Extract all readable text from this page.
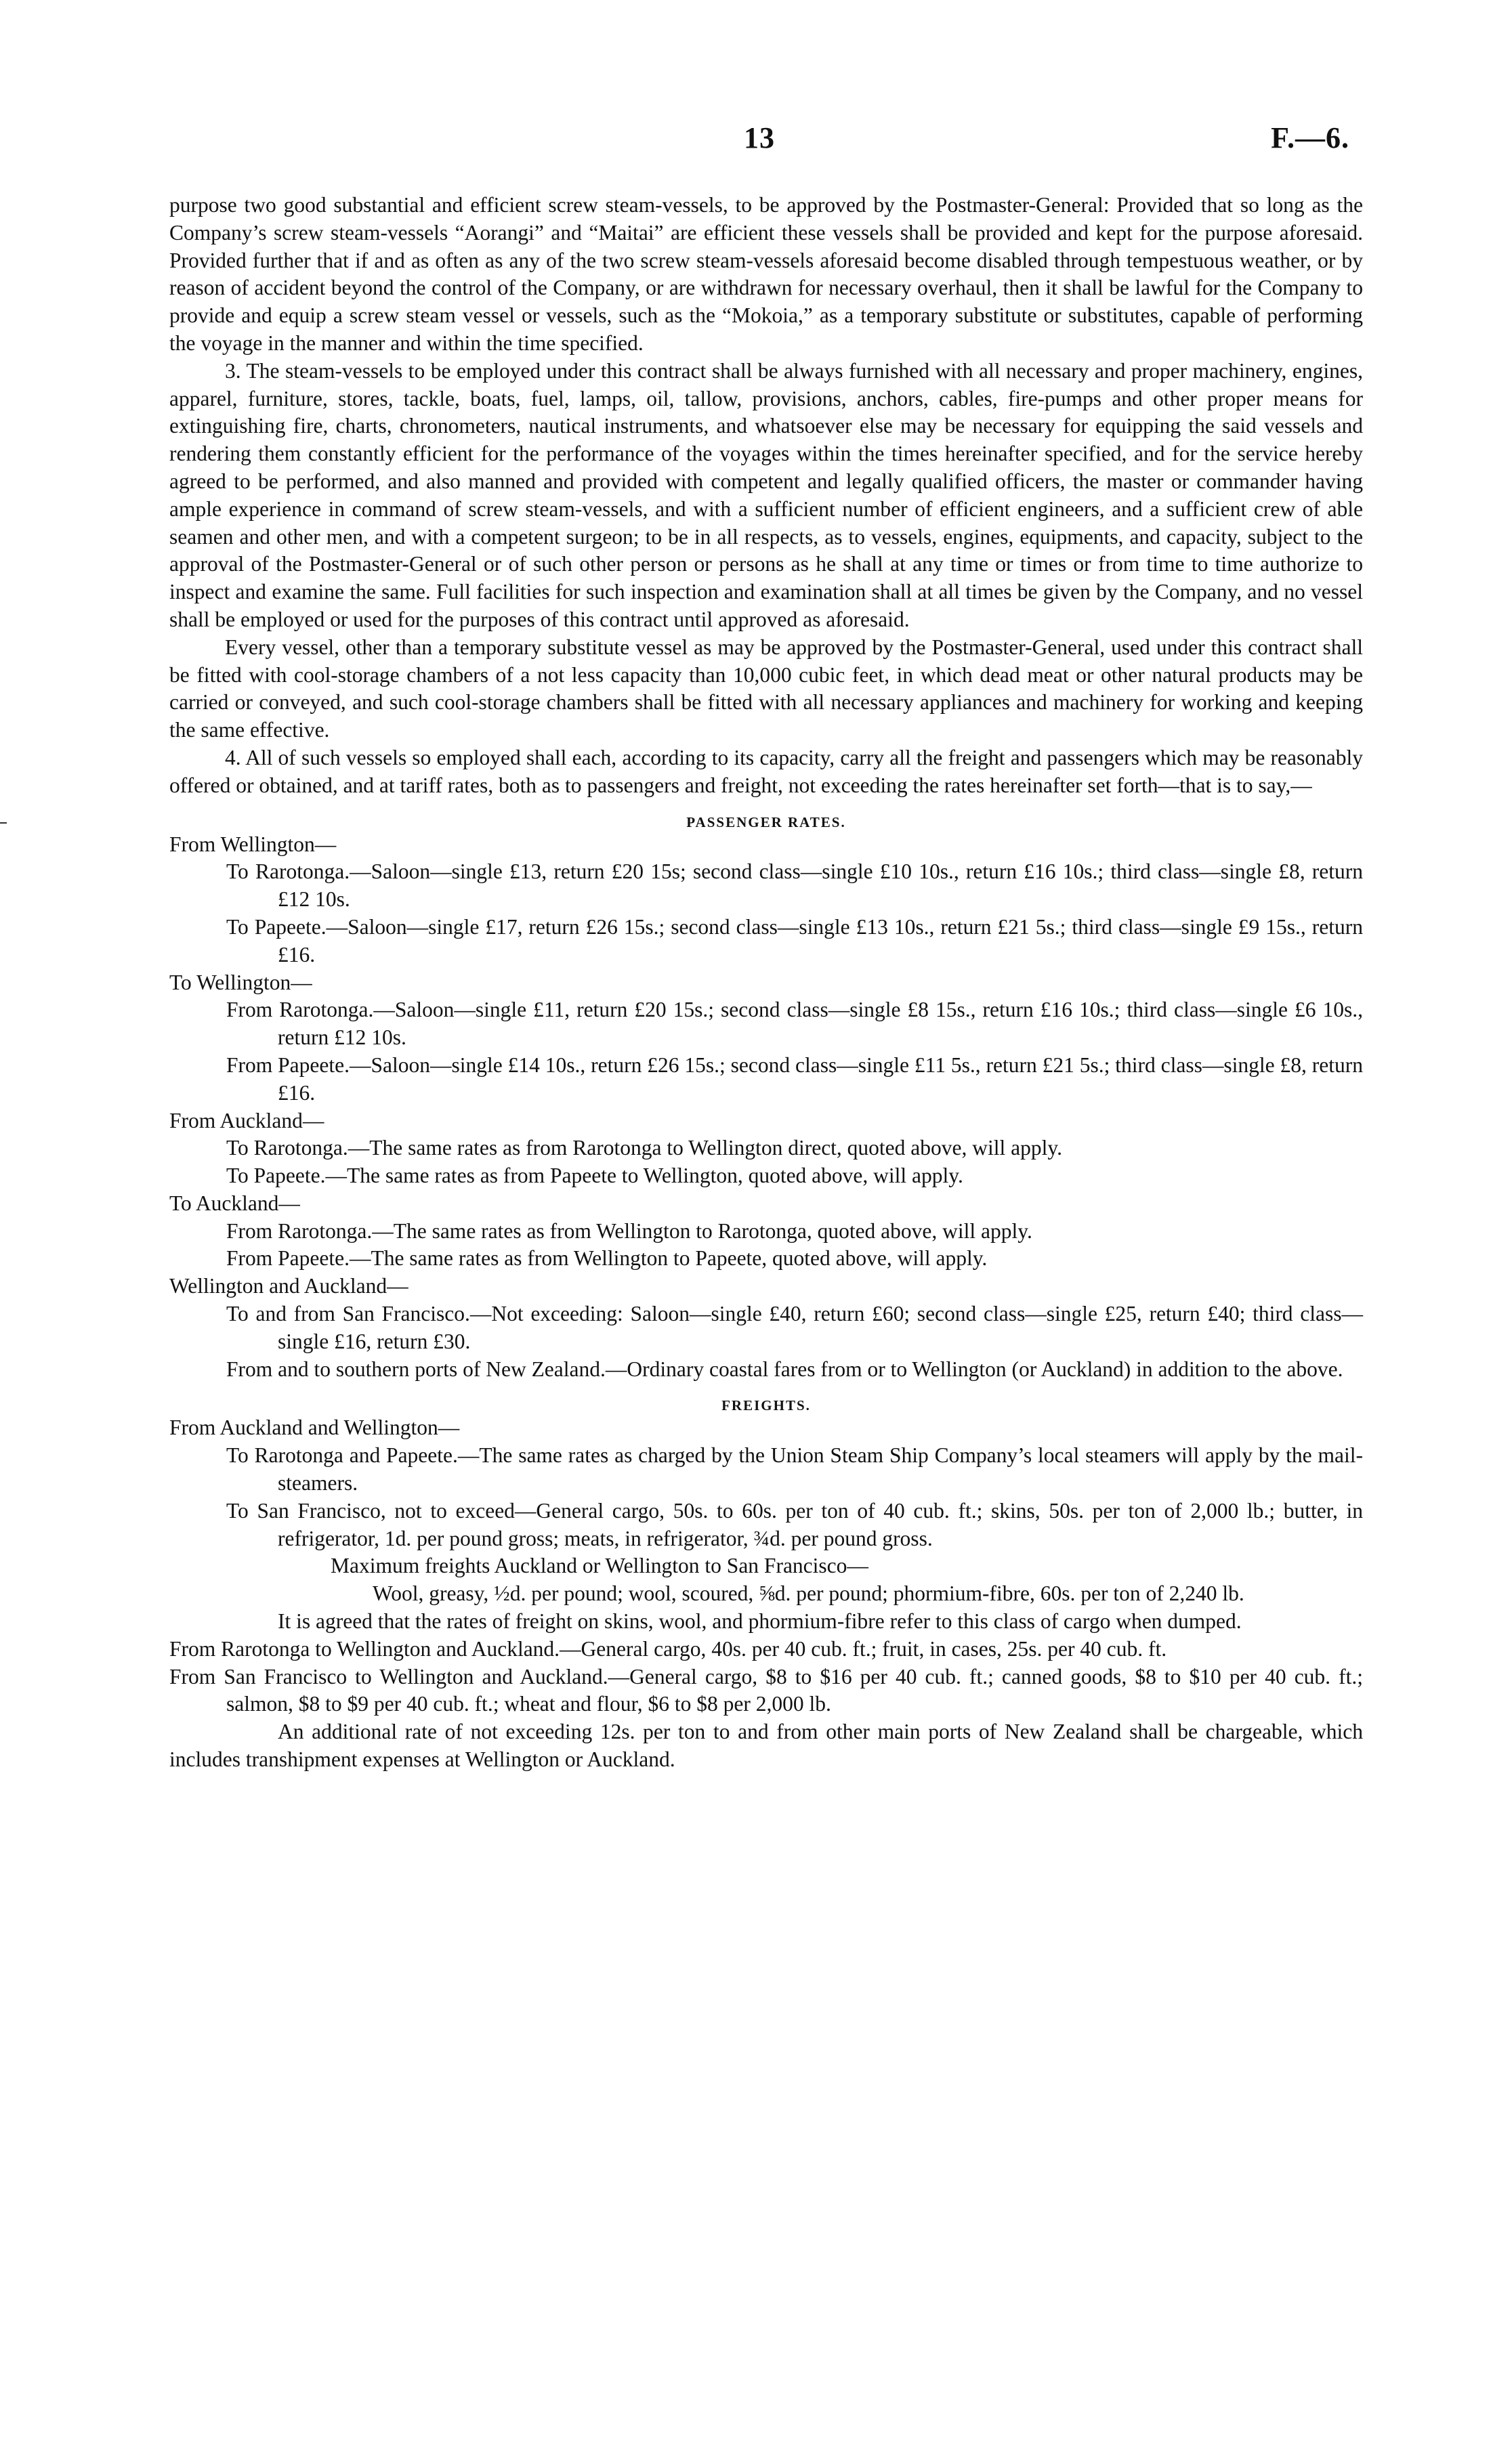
13	F.—6.

purpose two good substantial and efficient screw steam-vessels, to be approved by the Postmaster-General: Provided that so long as the Company’s screw steam-vessels “Aorangi” and “Maitai” are efficient these vessels shall be provided and kept for the purpose aforesaid. Provided further that if and as often as any of the two screw steam-vessels aforesaid become disabled through tempestuous weather, or by reason of accident beyond the control of the Company, or are withdrawn for necessary overhaul, then it shall be lawful for the Company to provide and equip a screw steam vessel or vessels, such as the “Mokoia,” as a temporary substitute or substitutes, capable of performing the voyage in the manner and within the time specified.

3. The steam-vessels to be employed under this contract shall be always furnished with all necessary and proper machinery, engines, apparel, furniture, stores, tackle, boats, fuel, lamps, oil, tallow, provisions, anchors, cables, fire-pumps and other proper means for extinguishing fire, charts, chronometers, nautical instruments, and whatsoever else may be necessary for equipping the said vessels and rendering them constantly efficient for the performance of the voyages within the times hereinafter specified, and for the service hereby agreed to be performed, and also manned and provided with competent and legally qualified officers, the master or commander having ample experience in command of screw steam-vessels, and with a sufficient number of efficient engineers, and a sufficient crew of able seamen and other men, and with a competent surgeon; to be in all respects, as to vessels, engines, equipments, and capacity, subject to the approval of the Postmaster-General or of such other person or persons as he shall at any time or times or from time to time authorize to inspect and examine the same. Full facilities for such inspection and examination shall at all times be given by the Company, and no vessel shall be employed or used for the purposes of this contract until approved as aforesaid.

Every vessel, other than a temporary substitute vessel as may be approved by the Postmaster-General, used under this contract shall be fitted with cool-storage chambers of a not less capacity than 10,000 cubic feet, in which dead meat or other natural products may be carried or conveyed, and such cool-storage chambers shall be fitted with all necessary appliances and machinery for working and keeping the same effective.

4. All of such vessels so employed shall each, according to its capacity, carry all the freight and passengers which may be reasonably offered or obtained, and at tariff rates, both as to passengers and freight, not exceeding the rates hereinafter set forth—that is to say,—

PASSENGER RATES.

From Wellington—

To Rarotonga.—Saloon—single £13, return £20 15s; second class—single £10 10s., return £16 10s.; third class—single £8, return £12 10s.

To Papeete.—Saloon—single £17, return £26 15s.; second class—single £13 10s., return £21 5s.; third class—single £9 15s., return £16.

To Wellington—

From Rarotonga.—Saloon—single £11, return £20 15s.; second class—single £8 15s., return £16 10s.; third class—single £6 10s., return £12 10s.

From Papeete.—Saloon—single £14 10s., return £26 15s.; second class—single £11 5s., return £21 5s.; third class—single £8, return £16.

From Auckland—

To Rarotonga.—The same rates as from Rarotonga to Wellington direct, quoted above, will apply.

To Papeete.—The same rates as from Papeete to Wellington, quoted above, will apply.

To Auckland—

From Rarotonga.—The same rates as from Wellington to Rarotonga, quoted above, will apply.

From Papeete.—The same rates as from Wellington to Papeete, quoted above, will apply.

Wellington and Auckland—

To and from San Francisco.—Not exceeding: Saloon—single £40, return £60; second class—single £25, return £40; third class—single £16, return £30.

From and to southern ports of New Zealand.—Ordinary coastal fares from or to Wellington (or Auckland) in addition to the above.

FREIGHTS.

From Auckland and Wellington—

To Rarotonga and Papeete.—The same rates as charged by the Union Steam Ship Company’s local steamers will apply by the mail-steamers.

To San Francisco, not to exceed—General cargo, 50s. to 60s. per ton of 40 cub. ft.; skins, 50s. per ton of 2,000 lb.; butter, in refrigerator, 1d. per pound gross; meats, in refrigerator, ¾d. per pound gross.

Maximum freights Auckland or Wellington to San Francisco—

Wool, greasy, ½d. per pound; wool, scoured, ⅝d. per pound; phormium-fibre, 60s. per ton of 2,240 lb.

It is agreed that the rates of freight on skins, wool, and phormium-fibre refer to this class of cargo when dumped.

From Rarotonga to Wellington and Auckland.—General cargo, 40s. per 40 cub. ft.; fruit, in cases, 25s. per 40 cub. ft.

From San Francisco to Wellington and Auckland.—General cargo, $8 to $16 per 40 cub. ft.; canned goods, $8 to $10 per 40 cub. ft.; salmon, $8 to $9 per 40 cub. ft.; wheat and flour, $6 to $8 per 2,000 lb.

An additional rate of not exceeding 12s. per ton to and from other main ports of New Zealand shall be chargeable, which includes transhipment expenses at Wellington or Auckland.
